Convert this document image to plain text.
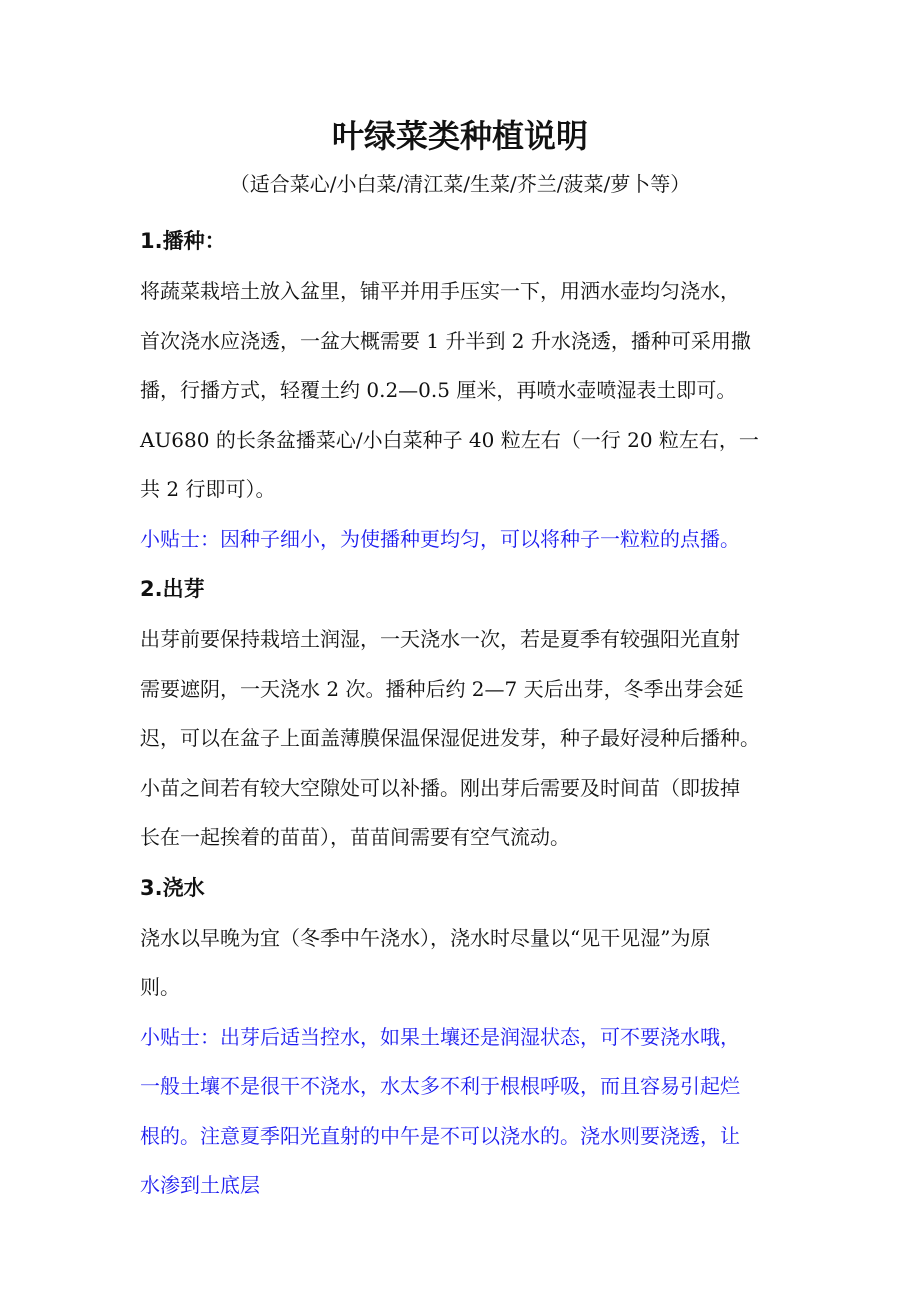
叶绿菜类种植说明
（适合菜心/小白菜/清江菜/生菜/芥兰/菠菜/萝卜等）
1.播种：
将蔬菜栽培土放入盆里，铺平并用手压实一下，用洒水壶均匀浇水，
首次浇水应浇透，一盆大概需要 1 升半到 2 升水浇透，播种可采用撒
播，行播方式，轻覆土约 0.2—0.5 厘米，再喷水壶喷湿表土即可。
AU680 的长条盆播菜心/小白菜种子 40 粒左右（一行 20 粒左右，一
共 2 行即可）。
小贴士：因种子细小，为使播种更均匀，可以将种子一粒粒的点播。
2.出芽
出芽前要保持栽培土润湿，一天浇水一次，若是夏季有较强阳光直射
需要遮阴，一天浇水 2 次。播种后约 2—7 天后出芽，冬季出芽会延
迟，可以在盆子上面盖薄膜保温保湿促进发芽，种子最好浸种后播种。
小苗之间若有较大空隙处可以补播。刚出芽后需要及时间苗（即拔掉
长在一起挨着的苗苗），苗苗间需要有空气流动。
3.浇水
浇水以早晚为宜（冬季中午浇水），浇水时尽量以“见干见湿”为原
则。
小贴士：出芽后适当控水，如果土壤还是润湿状态，可不要浇水哦，
一般土壤不是很干不浇水，水太多不利于根根呼吸，而且容易引起烂
根的。注意夏季阳光直射的中午是不可以浇水的。浇水则要浇透，让
水渗到土底层
